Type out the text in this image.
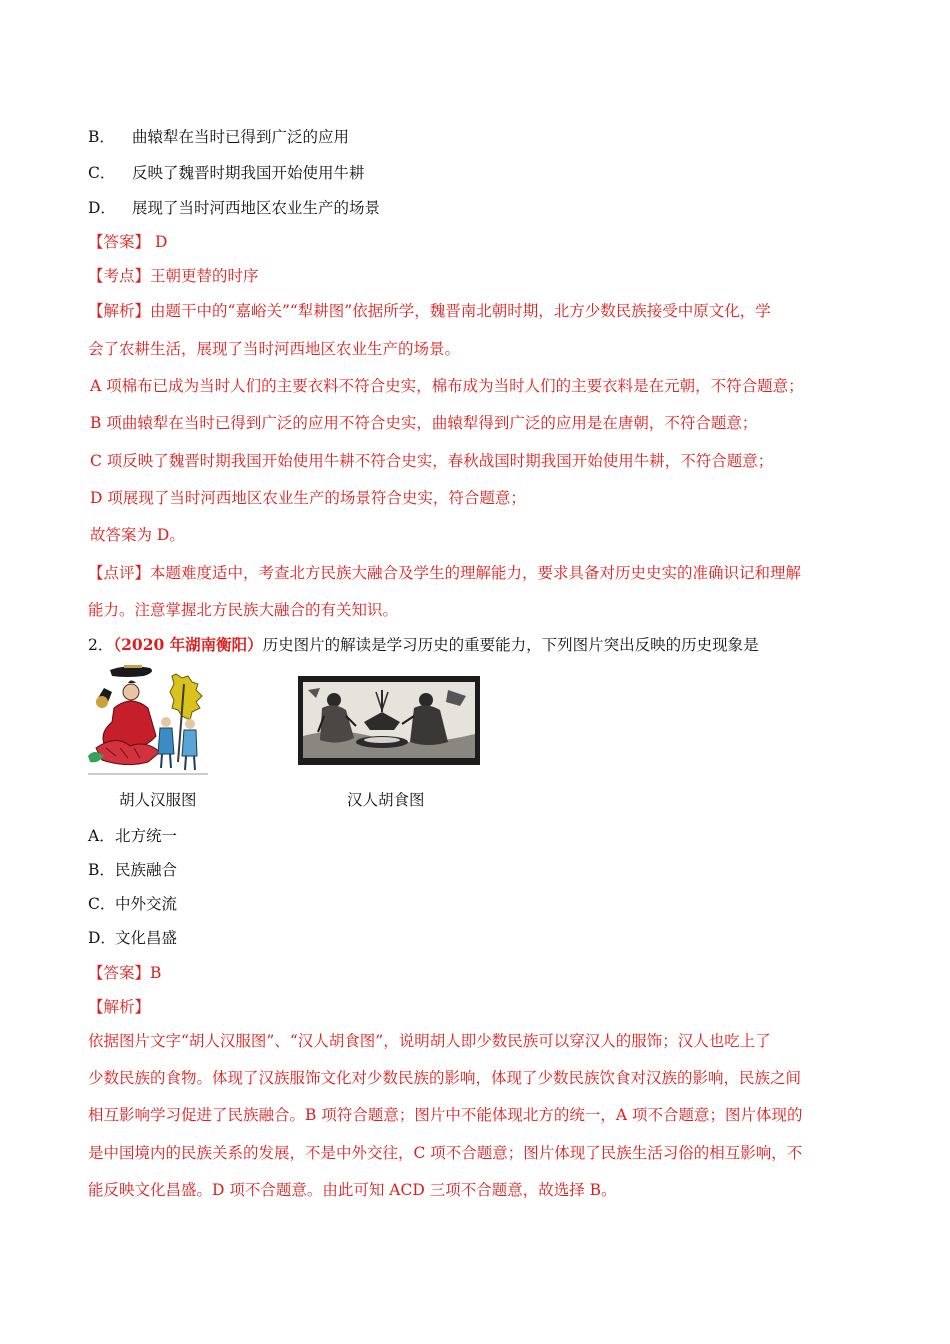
B． 曲辕犁在当时已得到广泛的应用
C． 反映了魏晋时期我国开始使用牛耕
D． 展现了当时河西地区农业生产的场景
【答案】 D
【考点】王朝更替的时序
【解析】由题干中的“嘉峪关”“犁耕图”依据所学，魏晋南北朝时期，北方少数民族接受中原文化，学
会了农耕生活，展现了当时河西地区农业生产的场景。
A 项棉布已成为当时人们的主要衣料不符合史实，棉布成为当时人们的主要衣料是在元朝，不符合题意；
B 项曲辕犁在当时已得到广泛的应用不符合史实，曲辕犁得到广泛的应用是在唐朝，不符合题意；
C 项反映了魏晋时期我国开始使用牛耕不符合史实，春秋战国时期我国开始使用牛耕，不符合题意；
D 项展现了当时河西地区农业生产的场景符合史实，符合题意；
故答案为 D。
【点评】本题难度适中，考查北方民族大融合及学生的理解能力，要求具备对历史史实的准确识记和理解
能力。注意掌握北方民族大融合的有关知识。
2．（2020 年湖南衡阳）历史图片的解读是学习历史的重要能力，下列图片突出反映的历史现象是
胡人汉服图	汉人胡食图
A．北方统一
B．民族融合
C．中外交流
D．文化昌盛
【答案】B
【解析】
依据图片文字“胡人汉服图”、“汉人胡食图”，说明胡人即少数民族可以穿汉人的服饰；汉人也吃上了
少数民族的食物。体现了汉族服饰文化对少数民族的影响，体现了少数民族饮食对汉族的影响，民族之间
相互影响学习促进了民族融合。B 项符合题意；图片中不能体现北方的统一，A 项不合题意；图片体现的
是中国境内的民族关系的发展，不是中外交往，C 项不合题意；图片体现了民族生活习俗的相互影响，不
能反映文化昌盛。D 项不合题意。由此可知 ACD 三项不合题意，故选择 B。
